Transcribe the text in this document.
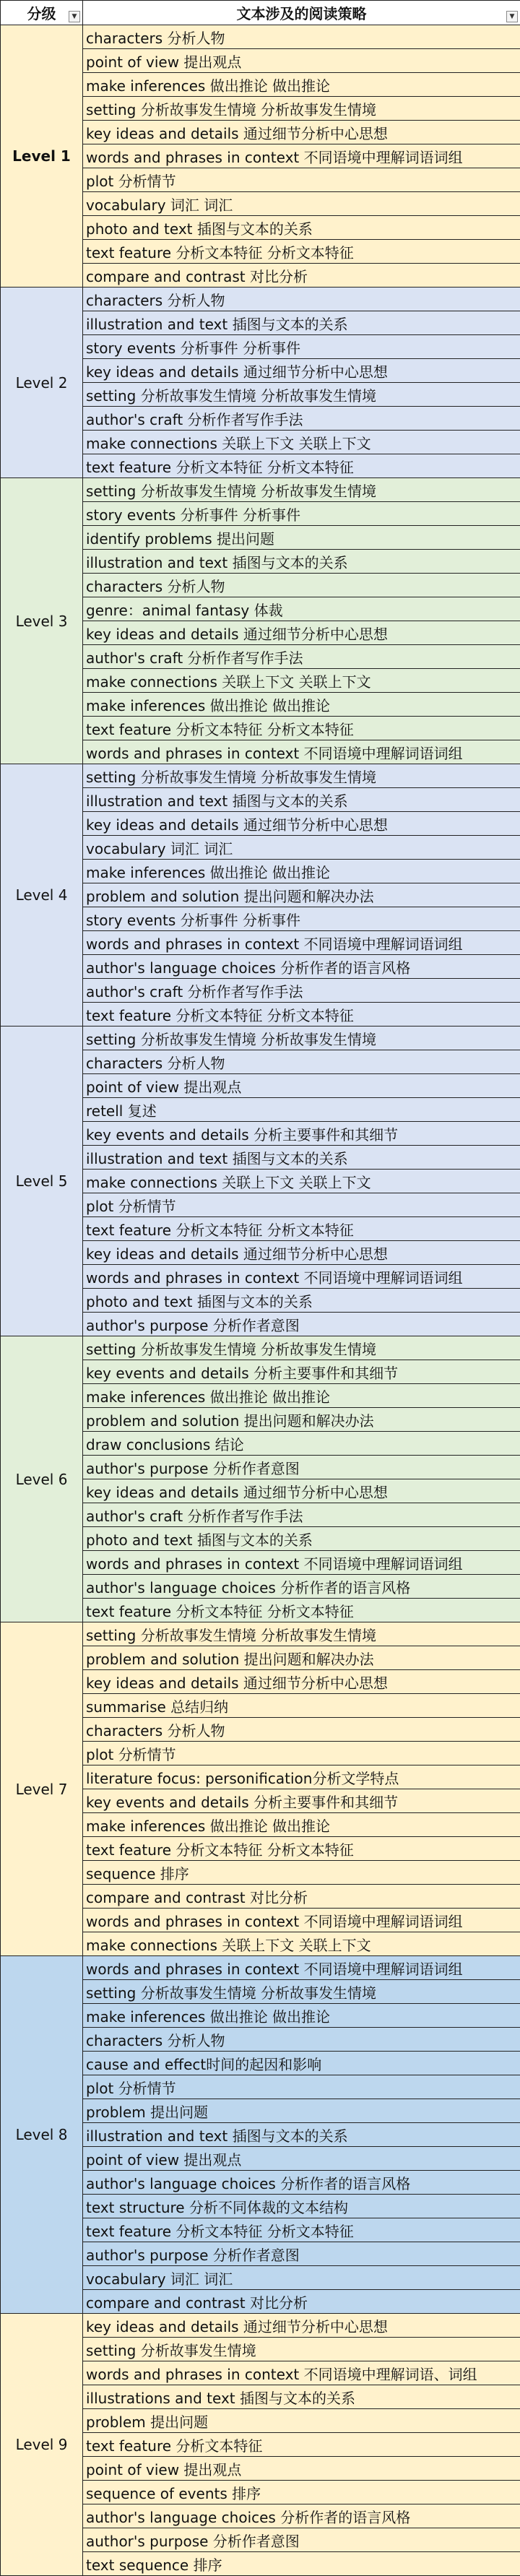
分级 ▼	文本涉及的阅读策略 ▼

Level 1	characters 分析人物
	point of view 提出观点
	make inferences 做出推论 做出推论
	setting 分析故事发生情境 分析故事发生情境
	key ideas and details 通过细节分析中心思想
	words and phrases in context 不同语境中理解词语词组
	plot 分析情节
	vocabulary 词汇 词汇
	photo and text 插图与文本的关系
	text feature 分析文本特征 分析文本特征
	compare and contrast 对比分析
Level 2	characters 分析人物
	illustration and text 插图与文本的关系
	story events 分析事件 分析事件
	key ideas and details 通过细节分析中心思想
	setting 分析故事发生情境 分析故事发生情境
	author's craft 分析作者写作手法
	make connections 关联上下文 关联上下文
	text feature 分析文本特征 分析文本特征
Level 3	setting 分析故事发生情境 分析故事发生情境
	story events 分析事件 分析事件
	identify problems 提出问题
	illustration and text 插图与文本的关系
	characters 分析人物
	genre：animal fantasy 体裁
	key ideas and details 通过细节分析中心思想
	author's craft 分析作者写作手法
	make connections 关联上下文 关联上下文
	make inferences 做出推论 做出推论
	text feature 分析文本特征 分析文本特征
	words and phrases in context 不同语境中理解词语词组
Level 4	setting 分析故事发生情境 分析故事发生情境
	illustration and text 插图与文本的关系
	key ideas and details 通过细节分析中心思想
	vocabulary 词汇 词汇
	make inferences 做出推论 做出推论
	problem and solution 提出问题和解决办法
	story events 分析事件 分析事件
	words and phrases in context 不同语境中理解词语词组
	author's language choices 分析作者的语言风格
	author's craft 分析作者写作手法
	text feature 分析文本特征 分析文本特征
Level 5	setting 分析故事发生情境 分析故事发生情境
	characters 分析人物
	point of view 提出观点
	retell 复述
	key events and details 分析主要事件和其细节
	illustration and text 插图与文本的关系
	make connections 关联上下文 关联上下文
	plot 分析情节
	text feature 分析文本特征 分析文本特征
	key ideas and details 通过细节分析中心思想
	words and phrases in context 不同语境中理解词语词组
	photo and text 插图与文本的关系
	author's purpose 分析作者意图
Level 6	setting 分析故事发生情境 分析故事发生情境
	key events and details 分析主要事件和其细节
	make inferences 做出推论 做出推论
	problem and solution 提出问题和解决办法
	draw conclusions 结论
	author's purpose 分析作者意图
	key ideas and details 通过细节分析中心思想
	author's craft 分析作者写作手法
	photo and text 插图与文本的关系
	words and phrases in context 不同语境中理解词语词组
	author's language choices 分析作者的语言风格
	text feature 分析文本特征 分析文本特征
Level 7	setting 分析故事发生情境 分析故事发生情境
	problem and solution 提出问题和解决办法
	key ideas and details 通过细节分析中心思想
	summarise 总结归纳
	characters 分析人物
	plot 分析情节
	literature focus: personification分析文学特点
	key events and details 分析主要事件和其细节
	make inferences 做出推论 做出推论
	text feature 分析文本特征 分析文本特征
	sequence 排序
	compare and contrast 对比分析
	words and phrases in context 不同语境中理解词语词组
	make connections 关联上下文 关联上下文
Level 8	words and phrases in context 不同语境中理解词语词组
	setting 分析故事发生情境 分析故事发生情境
	make inferences 做出推论 做出推论
	characters 分析人物
	cause and effect时间的起因和影响
	plot 分析情节
	problem 提出问题
	illustration and text 插图与文本的关系
	point of view 提出观点
	author's language choices 分析作者的语言风格
	text structure 分析不同体裁的文本结构
	text feature 分析文本特征 分析文本特征
	author's purpose 分析作者意图
	vocabulary 词汇 词汇
	compare and contrast 对比分析
Level 9	key ideas and details 通过细节分析中心思想
	setting 分析故事发生情境
	words and phrases in context 不同语境中理解词语、词组
	illustrations and text 插图与文本的关系
	problem 提出问题
	text feature 分析文本特征
	point of view 提出观点
	sequence of events 排序
	author's language choices 分析作者的语言风格
	author's purpose 分析作者意图
	text sequence 排序
